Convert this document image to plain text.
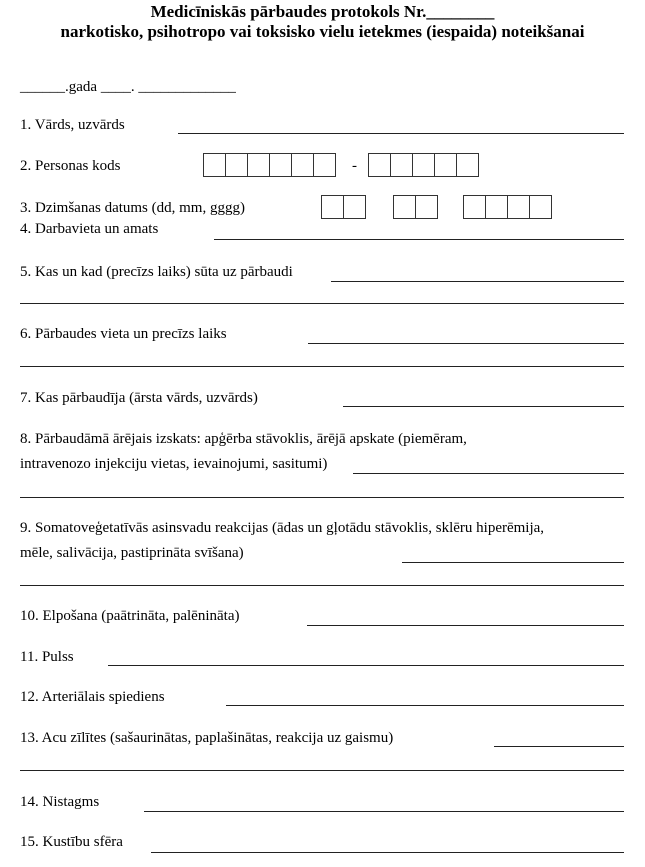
Medicīniskās pārbaudes protokols Nr.________
narkotisko, psihotropo vai toksisko vielu ietekmes (iespaida) noteikšanai
______.gada ____. _____________
1. Vārds, uzvārds
2. Personas kods	-
3. Dzimšanas datums (dd, mm, gggg)
4. Darbavieta un amats
5. Kas un kad (precīzs laiks) sūta uz pārbaudi
6. Pārbaudes vieta un precīzs laiks
7. Kas pārbaudīja (ārsta vārds, uzvārds)
8. Pārbaudāmā ārējais izskats: apģērba stāvoklis, ārējā apskate (piemēram,
intravenozo injekciju vietas, ievainojumi, sasitumi)
9. Somatoveģetatīvās asinsvadu reakcijas (ādas un gļotādu stāvoklis, sklēru hiperēmija,
mēle, salivācija, pastiprināta svīšana)
10. Elpošana (paātrināta, palēnināta)
11. Pulss
12. Arteriālais spiediens
13. Acu zīlītes (sašaurinātas, paplašinātas, reakcija uz gaismu)
14. Nistagms
15. Kustību sfēra
